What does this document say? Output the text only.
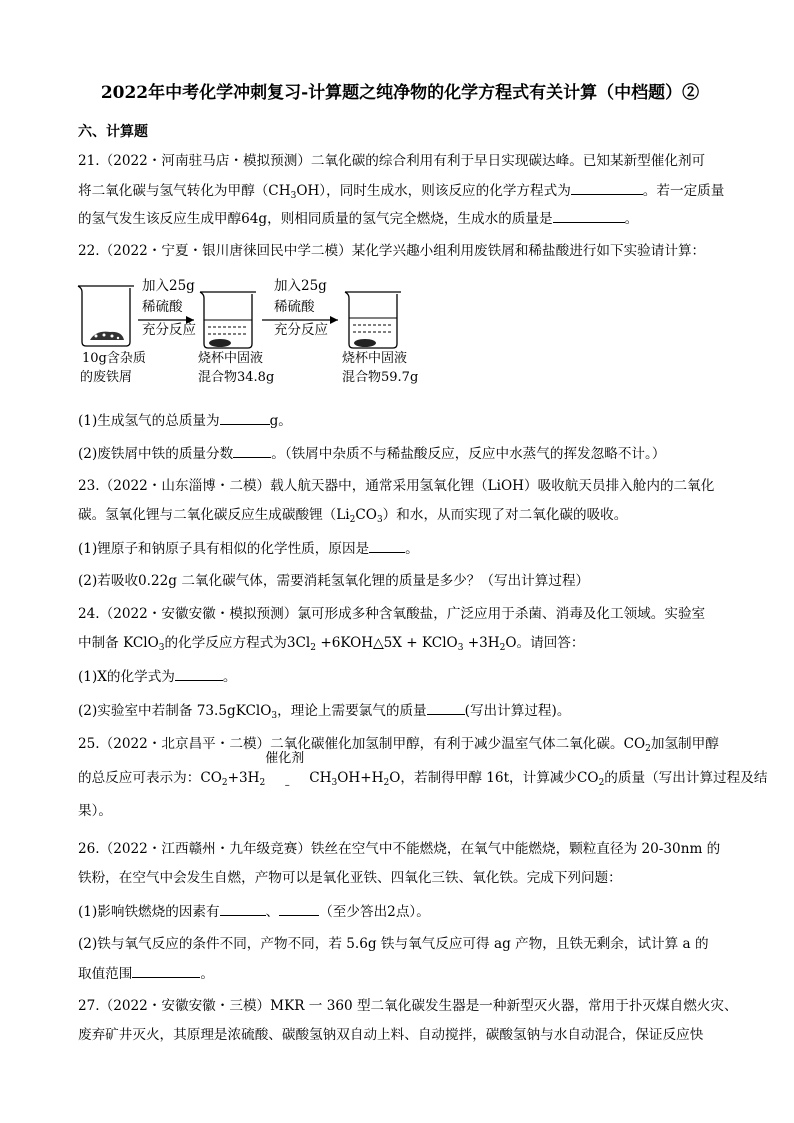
2022年中考化学冲刺复习-计算题之纯净物的化学方程式有关计算（中档题）②
六、计算题
21.（2022・河南驻马店・模拟预测）二氧化碳的综合利用有利于早日实现碳达峰。已知某新型催化剂可
将二氧化碳与氢气转化为甲醇$(CH_3OH)$，同时生成水，则该反应的化学方程式为	。若一定质量
的氢气发生该反应生成甲醇64g，则相同质量的氢气完全燃烧，生成水的质量是	。
22.（2022・宁夏・银川唐徕回民中学二模）某化学兴趣小组利用废铁屑和稀盐酸进行如下实验请计算：
加入25g
稀硫酸
充分反应
加入25g
稀硫酸
充分反应
10g含杂质
的废铁屑
烧杯中固液
混合物34.8g
烧杯中固液
混合物59.7g
(1)生成氢气的总质量为	g。
(2)废铁屑中铁的质量分数	。（铁屑中杂质不与稀盐酸反应，反应中水蒸气的挥发忽略不计。）
23.（2022・山东淄博・二模）载人航天器中，通常采用氢氧化锂（LiOH）吸收航天员排入舱内的二氧化
碳。氢氧化锂与二氧化碳反应生成碳酸锂$(Li_2CO_3)$和水，从而实现了对二氧化碳的吸收。
(1)锂原子和钠原子具有相似的化学性质，原因是	。
(2)若吸收0.22g 二氧化碳气体，需要消耗氢氧化锂的质量是多少？（写出计算过程）
24.（2022・安徽安徽・模拟预测）氯可形成多种含氧酸盐，广泛应用于杀菌、消毒及化工领域。实验室
中制备 KClO$_3$的化学反应方程式为$3Cl_2$ +6KOH△5X + KClO$_3$ $+3H_2O$。请回答：
(1)X的化学式为	。
(2)实验室中若制备 73.5gKClO$_3$，理论上需要氯气的质量	(写出计算过程)。
25.（2022・北京昌平・二模）二氧化碳催化加氢制甲醇，有利于减少温室气体二氧化碳。$CO_2$加氢制甲醇
的总反应可表示为：$CO_2+3H_2$
催化剂
– $CH_3OH+H_2O$，若制得甲醇 16t，计算减少$CO_2$的质量（写出计算过程及结
果）。
26.（2022・江西赣州・九年级竞赛）铁丝在空气中不能燃烧，在氧气中能燃烧，颗粒直径为 20-30nm 的
铁粉，在空气中会发生自燃，产物可以是氧化亚铁、四氧化三铁、氧化铁。完成下列问题：
(1)影响铁燃烧的因素有	、	（至少答出2点）。
(2)铁与氧气反应的条件不同，产物不同，若 5.6g 铁与氧气反应可得 ag 产物，且铁无剩余，试计算 a 的
取值范围	。
27.（2022・安徽安徽・三模）MKR 一 360 型二氧化碳发生器是一种新型灭火器，常用于扑灭煤自燃火灾、
废弃矿井灭火，其原理是浓硫酸、碳酸氢钠双自动上料、自动搅拌，碳酸氢钠与水自动混合，保证反应快
